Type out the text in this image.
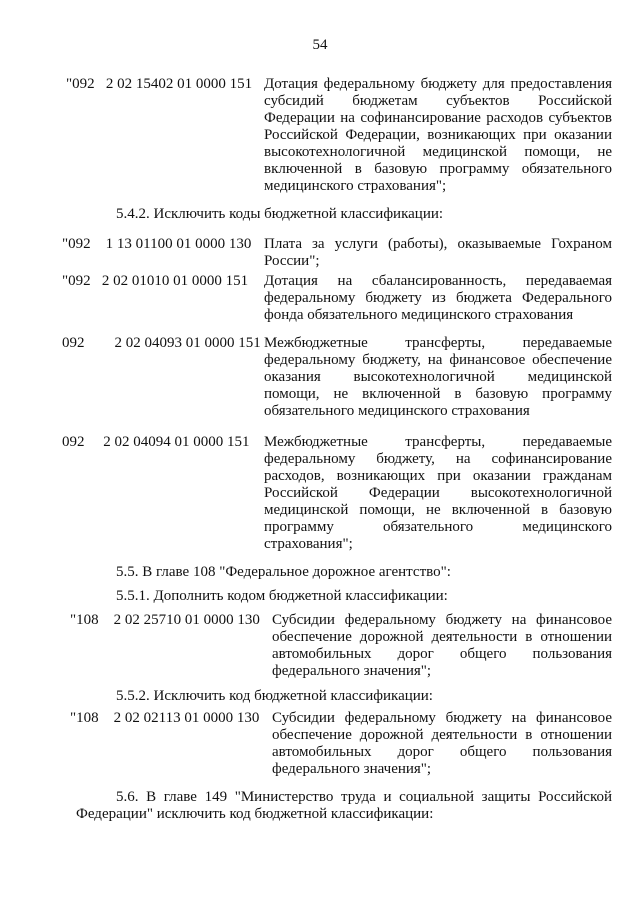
54
"092   2 02 15402 01 0000 151 Дотация федеральному бюджету для предоставления субсидий бюджетам субъектов Российской Федерации на софинансирование расходов субъектов Российской Федерации, возникающих при оказании высокотехнологичной медицинской помощи, не включенной в базовую программу обязательного медицинского страхования";
5.4.2. Исключить коды бюджетной классификации:
"092    1 13 01100 01 0000 130 Плата за услуги (работы), оказываемые Гохраном России";
"092   2 02 01010 01 0000 151 Дотация на сбалансированность, передаваемая федеральному бюджету из бюджета Федерального фонда обязательного медицинского страхования
092        2 02 04093 01 0000 151 Межбюджетные трансферты, передаваемые федеральному бюджету, на финансовое обеспечение оказания высокотехнологичной медицинской помощи, не включенной в базовую программу обязательного медицинского страхования
092     2 02 04094 01 0000 151 Межбюджетные трансферты, передаваемые федеральному бюджету, на софинансирование расходов, возникающих при оказании гражданам Российской Федерации высокотехнологичной медицинской помощи, не включенной в базовую программу обязательного медицинского страхования";
5.5. В главе 108 "Федеральное дорожное агентство":
5.5.1. Дополнить кодом бюджетной классификации:
"108    2 02 25710 01 0000 130 Субсидии федеральному бюджету на финансовое обеспечение дорожной деятельности в отношении автомобильных дорог общего пользования федерального значения";
5.5.2. Исключить код бюджетной классификации:
"108    2 02 02113 01 0000 130 Субсидии федеральному бюджету на финансовое обеспечение дорожной деятельности в отношении автомобильных дорог общего пользования федерального значения";
5.6. В главе 149 "Министерство труда и социальной защиты Российской Федерации" исключить код бюджетной классификации:
